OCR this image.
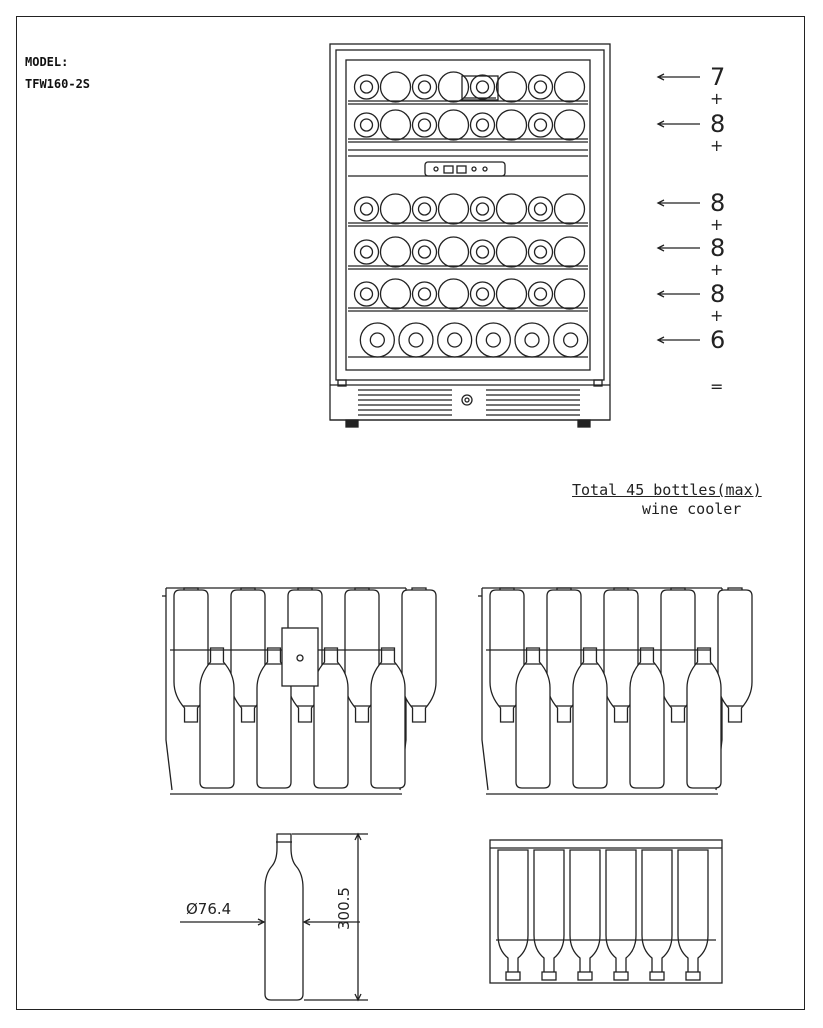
MODEL:
TFW160-2S
Total 45 bottles(max)
wine cooler
7
+
8
+
8
+
8
+
8
+
6
=
Ø76.4	300.5
